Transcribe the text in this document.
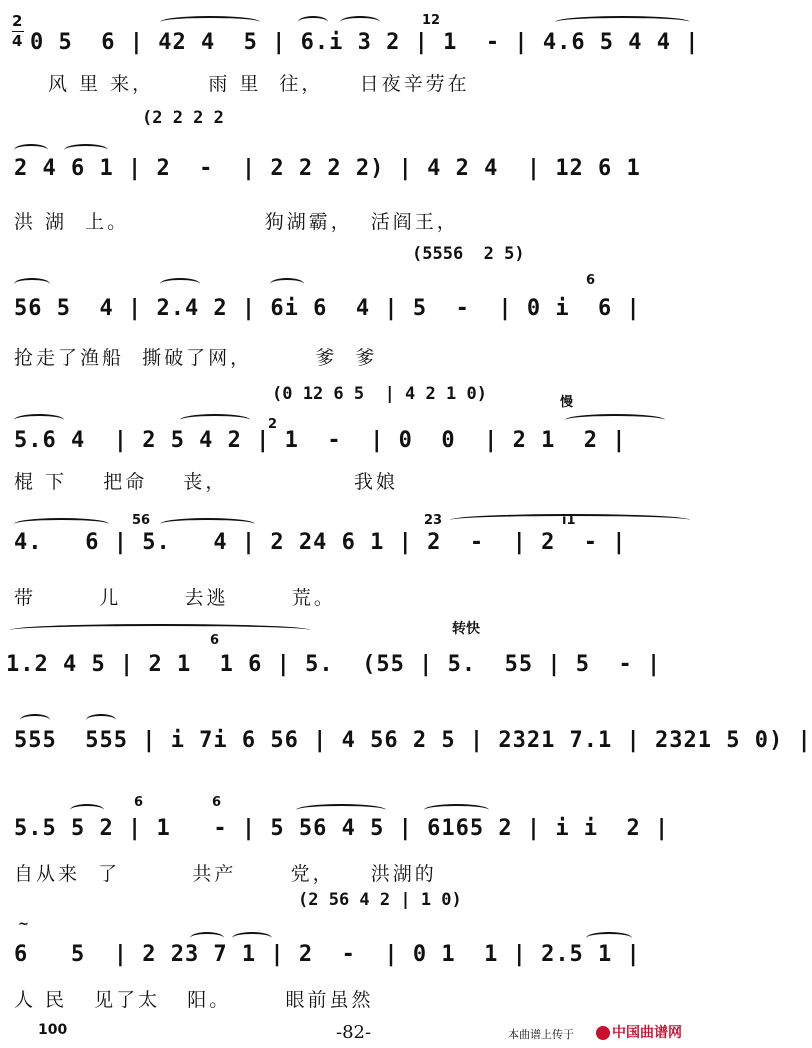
2
4
12
0 5  6 | 42 4  5 | 6.i 3 2 | 1  - | 4.6 5 4 4 |
风 里 来，      雨 里  往，    日夜辛劳在
(2 2 2 2
2 4 6 1 | 2  -  | 2 2 2 2) | 4 2 4  | 12 6 1
洪 湖  上。               狗湖霸，  活阎王，
(5556  2 5)
6
56 5  4 | 2.4 2 | 6i 6  4 | 5  -  | 0 i  6 |
抢走了渔船  撕破了网，       爹  爹
(0 12 6 5  | 4 2 1 0)	慢
2
5.6 4  | 2 5 4 2 | 1  -  | 0  0  | 2 1  2 |
棍 下    把命    丧，              我娘
56	23	i1
4.   6 | 5.   4 | 2 24 6 1 | 2  -  | 2  - |
带       儿       去逃       荒。
转快
6
1.2 4 5 | 2 1  1 6 | 5.  (55 | 5.  55 | 5  - |
555  555 | i 7i 6 56 | 4 56 2 5 | 2321 7.1 | 2321 5 0) |
6	6
5.5 5 2 | 1   - | 5 56 4 5 | 6165 2 | i i  2 |
自从来  了        共产      党，    洪湖的
(2 56 4 2 | 1 0)
~
6   5  | 2 23 7 1 | 2  -  | 0 1  1 | 2.5 1 |
人 民   见了太   阳。      眼前虽然
100	-82-	本曲谱上传于	中国曲谱网
